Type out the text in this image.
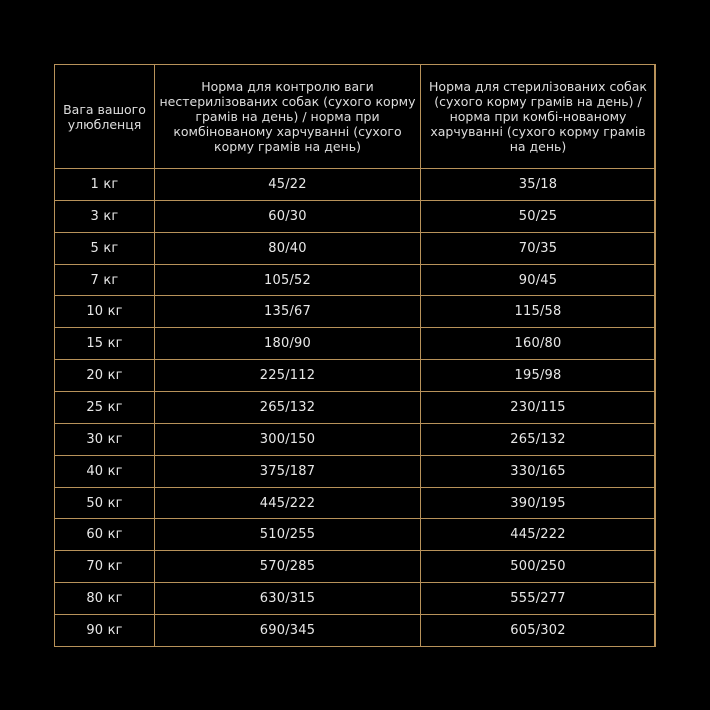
Вага вашого улюбленця	Норма для контролю ваги нестерилізованих собак (сухого корму грамів на день) / норма при комбінованому харчуванні (сухого корму грамів на день)	Норма для стерилізованих собак (сухого корму грамів на день) / норма при комбі-нованому харчуванні (сухого корму грамів на день)
1 кг	45/22	35/18
3 кг	60/30	50/25
5 кг	80/40	70/35
7 кг	105/52	90/45
10 кг	135/67	115/58
15 кг	180/90	160/80
20 кг	225/112	195/98
25 кг	265/132	230/115
30 кг	300/150	265/132
40 кг	375/187	330/165
50 кг	445/222	390/195
60 кг	510/255	445/222
70 кг	570/285	500/250
80 кг	630/315	555/277
90 кг	690/345	605/302
